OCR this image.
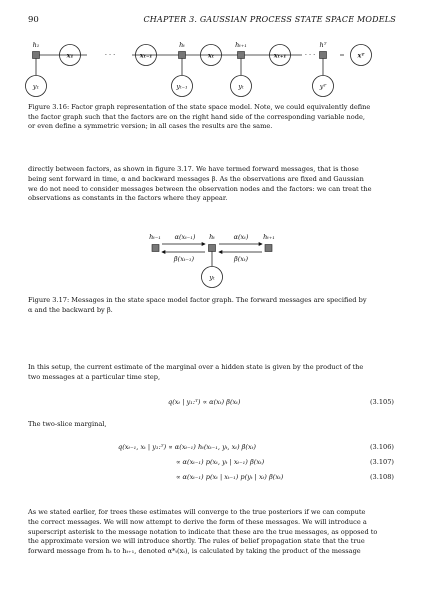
90	CHAPTER 3. GAUSSIAN PROCESS STATE SPACE MODELS
h₁	hₜ	hₜ₊₁	hᵀ
x₁	xₜ₋₁	xₜ	xₜ₊₁	xᵀ
y₁	yₜ₋₁	yₜ	yᵀ
· · ·	· · ·
Figure 3.16: Factor graph representation of the state space model. Note, we could equivalently define
the factor graph such that the factors are on the right hand side of the corresponding variable node,
or even define a symmetric version; in all cases the results are the same.
directly between factors, as shown in figure 3.17. We have termed forward messages, that is those
being sent forward in time, α and backward messages β. As the observations are fixed and Gaussian
we do not need to consider messages between the observation nodes and the factors: we can treat the
observations as constants in the factors where they appear.
hₜ₋₁	hₜ	hₜ₊₁
α(xₜ₋₁)	α(xₜ)
β(xₜ₋₁)	β(xₜ)
yₜ
Figure 3.17: Messages in the state space model factor graph. The forward messages are specified by
α and the backward by β.
In this setup, the current estimate of the marginal over a hidden state is given by the product of the
two messages at a particular time step,
q(xₜ | y₁:ᵀ) ∝ α(xₜ) β(xₜ)	(3.105)
The two-slice marginal,
q(xₜ₋₁, xₜ | y₁:ᵀ) ∝ α(xₜ₋₁) hₜ(xₜ₋₁, yₜ, xₜ) β(xₜ)	(3.106)
∝ α(xₜ₋₁) p(xₜ, yₜ | xₜ₋₁) β(xₜ)	(3.107)
∝ α(xₜ₋₁) p(xₜ | xₜ₋₁) p(yₜ | xₜ) β(xₜ)	(3.108)
As we stated earlier, for trees these estimates will converge to the true posteriors if we can compute
the correct messages. We will now attempt to derive the form of these messages. We will introduce a
superscript asterisk to the message notation to indicate that these are the true messages, as opposed to
the approximate version we will introduce shortly. The rules of belief propagation state that the true
forward message from hₜ to hₜ₊₁, denoted α*ₜ(xₜ), is calculated by taking the product of the message
